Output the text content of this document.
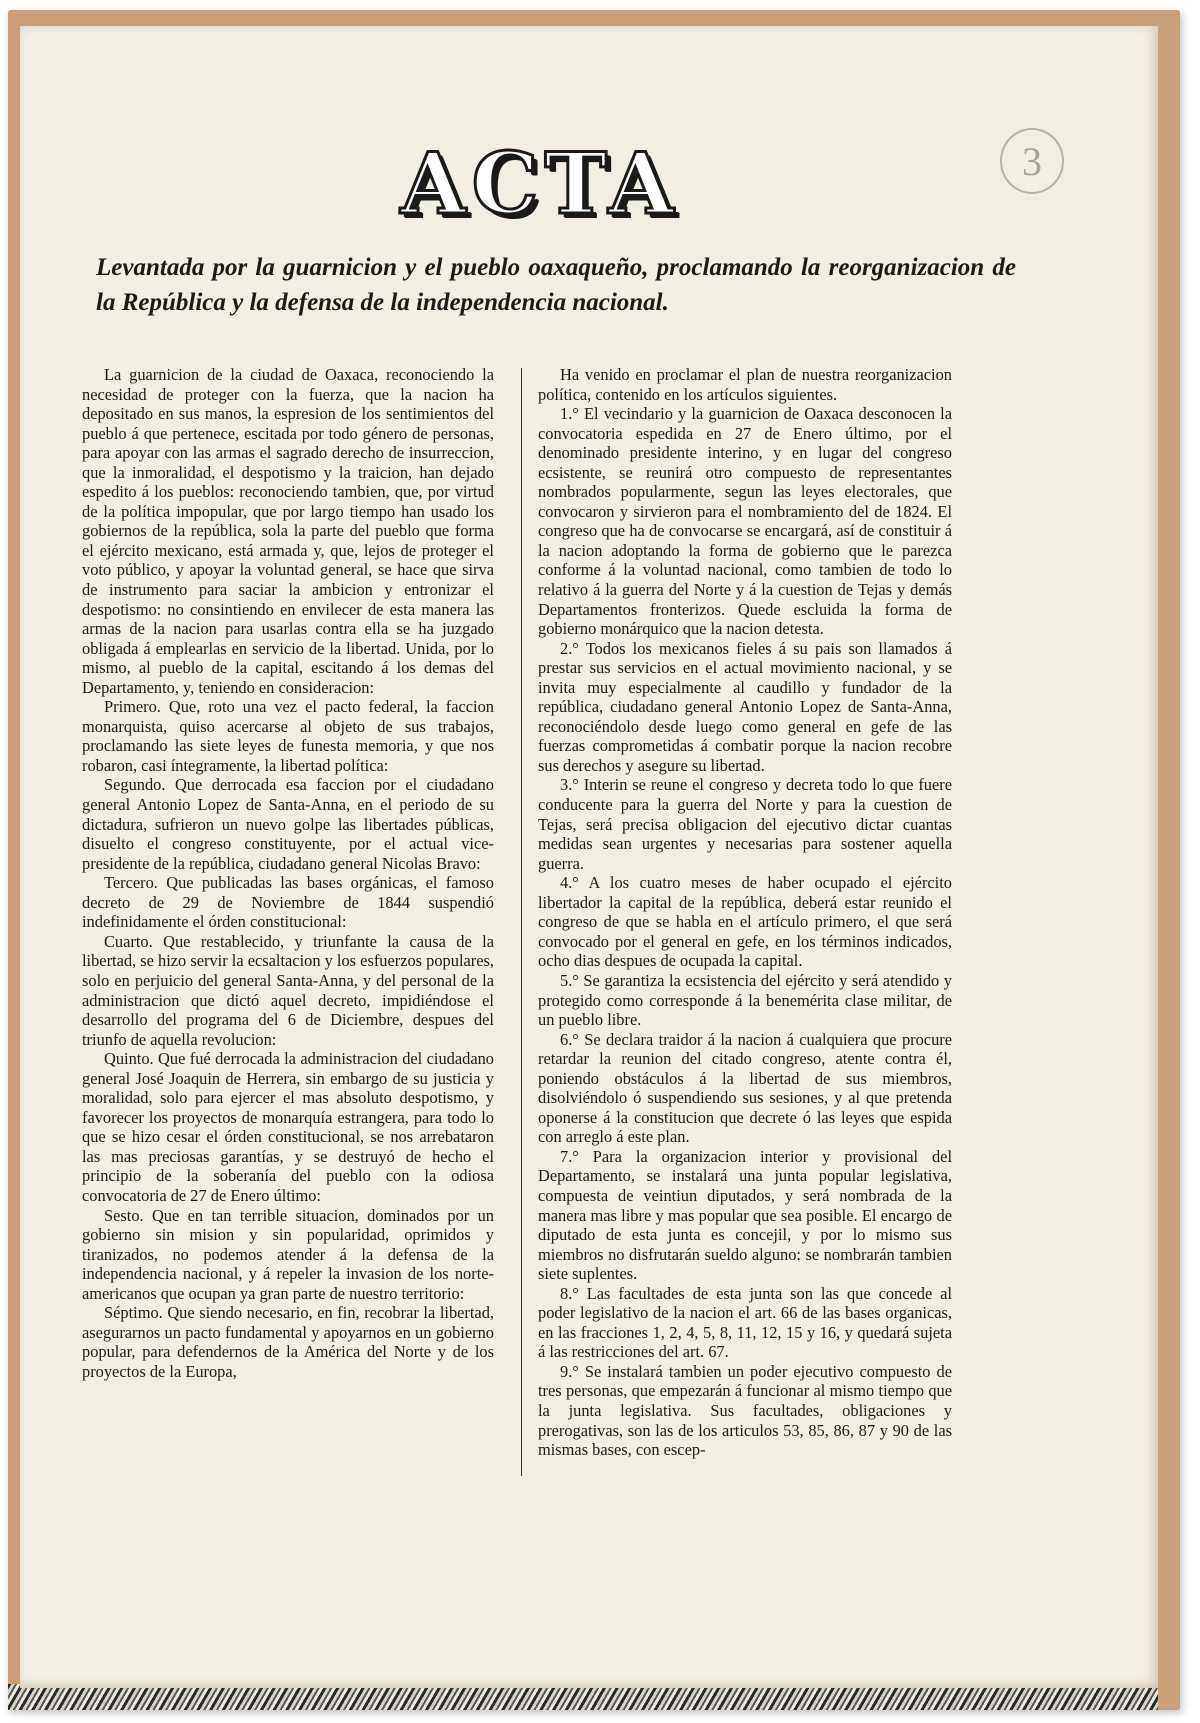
3
ACTA
Levantada por la guarnicion y el pueblo oaxaqueño, proclamando la reorganizacion de la República y la defensa de la independencia nacional.

La guarnicion de la ciudad de Oaxaca, reconociendo la necesidad de proteger con la fuerza, que la nacion ha depositado en sus manos, la espresion de los sentimientos del pueblo á que pertenece, escitada por todo género de personas, para apoyar con las armas el sagrado derecho de insurreccion, que la inmoralidad, el despotismo y la traicion, han dejado espedito á los pueblos: reconociendo tambien, que, por virtud de la política impopular, que por largo tiempo han usado los gobiernos de la república, sola la parte del pueblo que forma el ejército mexicano, está armada y, que, lejos de proteger el voto público, y apoyar la voluntad general, se hace que sirva de instrumento para saciar la ambicion y entronizar el despotismo: no consintiendo en envilecer de esta manera las armas de la nacion para usarlas contra ella se ha juzgado obligada á emplearlas en servicio de la libertad. Unida, por lo mismo, al pueblo de la capital, escitando á los demas del Departamento, y, teniendo en consideracion:

Primero. Que, roto una vez el pacto federal, la faccion monarquista, quiso acercarse al objeto de sus trabajos, proclamando las siete leyes de funesta memoria, y que nos robaron, casi íntegramente, la libertad política:

Segundo. Que derrocada esa faccion por el ciudadano general Antonio Lopez de Santa-Anna, en el periodo de su dictadura, sufrieron un nuevo golpe las libertades públicas, disuelto el congreso constituyente, por el actual vice-presidente de la república, ciudadano general Nicolas Bravo:

Tercero. Que publicadas las bases orgánicas, el famoso decreto de 29 de Noviembre de 1844 suspendió indefinidamente el órden constitucional:

Cuarto. Que restablecido, y triunfante la causa de la libertad, se hizo servir la ecsaltacion y los esfuerzos populares, solo en perjuicio del general Santa-Anna, y del personal de la administracion que dictó aquel decreto, impidiéndose el desarrollo del programa del 6 de Diciembre, despues del triunfo de aquella revolucion:

Quinto. Que fué derrocada la administracion del ciudadano general José Joaquin de Herrera, sin embargo de su justicia y moralidad, solo para ejercer el mas absoluto despotismo, y favorecer los proyectos de monarquía estrangera, para todo lo que se hizo cesar el órden constitucional, se nos arrebataron las mas preciosas garantías, y se destruyó de hecho el principio de la soberanía del pueblo con la odiosa convocatoria de 27 de Enero último:

Sesto. Que en tan terrible situacion, dominados por un gobierno sin mision y sin popularidad, oprimidos y tiranizados, no podemos atender á la defensa de la independencia nacional, y á repeler la invasion de los norte-americanos que ocupan ya gran parte de nuestro territorio:

Séptimo. Que siendo necesario, en fin, recobrar la libertad, asegurarnos un pacto fundamental y apoyarnos en un gobierno popular, para defendernos de la América del Norte y de los proyectos de la Europa,

Ha venido en proclamar el plan de nuestra reorganizacion política, contenido en los artículos siguientes.

1.° El vecindario y la guarnicion de Oaxaca desconocen la convocatoria espedida en 27 de Enero último, por el denominado presidente interino, y en lugar del congreso ecsistente, se reunirá otro compuesto de representantes nombrados popularmente, segun las leyes electorales, que convocaron y sirvieron para el nombramiento del de 1824. El congreso que ha de convocarse se encargará, así de constituir á la nacion adoptando la forma de gobierno que le parezca conforme á la voluntad nacional, como tambien de todo lo relativo á la guerra del Norte y á la cuestion de Tejas y demás Departamentos fronterizos. Quede escluida la forma de gobierno monárquico que la nacion detesta.

2.° Todos los mexicanos fieles á su pais son llamados á prestar sus servicios en el actual movimiento nacional, y se invita muy especialmente al caudillo y fundador de la república, ciudadano general Antonio Lopez de Santa-Anna, reconociéndolo desde luego como general en gefe de las fuerzas comprometidas á combatir porque la nacion recobre sus derechos y asegure su libertad.

3.° Interin se reune el congreso y decreta todo lo que fuere conducente para la guerra del Norte y para la cuestion de Tejas, será precisa obligacion del ejecutivo dictar cuantas medidas sean urgentes y necesarias para sostener aquella guerra.

4.° A los cuatro meses de haber ocupado el ejército libertador la capital de la república, deberá estar reunido el congreso de que se habla en el artículo primero, el que será convocado por el general en gefe, en los términos indicados, ocho dias despues de ocupada la capital.

5.° Se garantiza la ecsistencia del ejército y será atendido y protegido como corresponde á la benemérita clase militar, de un pueblo libre.

6.° Se declara traidor á la nacion á cualquiera que procure retardar la reunion del citado congreso, atente contra él, poniendo obstáculos á la libertad de sus miembros, disolviéndolo ó suspendiendo sus sesiones, y al que pretenda oponerse á la constitucion que decrete ó las leyes que espida con arreglo á este plan.

7.° Para la organizacion interior y provisional del Departamento, se instalará una junta popular legislativa, compuesta de veintiun diputados, y será nombrada de la manera mas libre y mas popular que sea posible. El encargo de diputado de esta junta es concejil, y por lo mismo sus miembros no disfrutarán sueldo alguno: se nombrarán tambien siete suplentes.

8.° Las facultades de esta junta son las que concede al poder legislativo de la nacion el art. 66 de las bases organicas, en las fracciones 1, 2, 4, 5, 8, 11, 12, 15 y 16, y quedará sujeta á las restricciones del art. 67.

9.° Se instalará tambien un poder ejecutivo compuesto de tres personas, que empezarán á funcionar al mismo tiempo que la junta legislativa. Sus facultades, obligaciones y prerogativas, son las de los articulos 53, 85, 86, 87 y 90 de las mismas bases, con escep-
